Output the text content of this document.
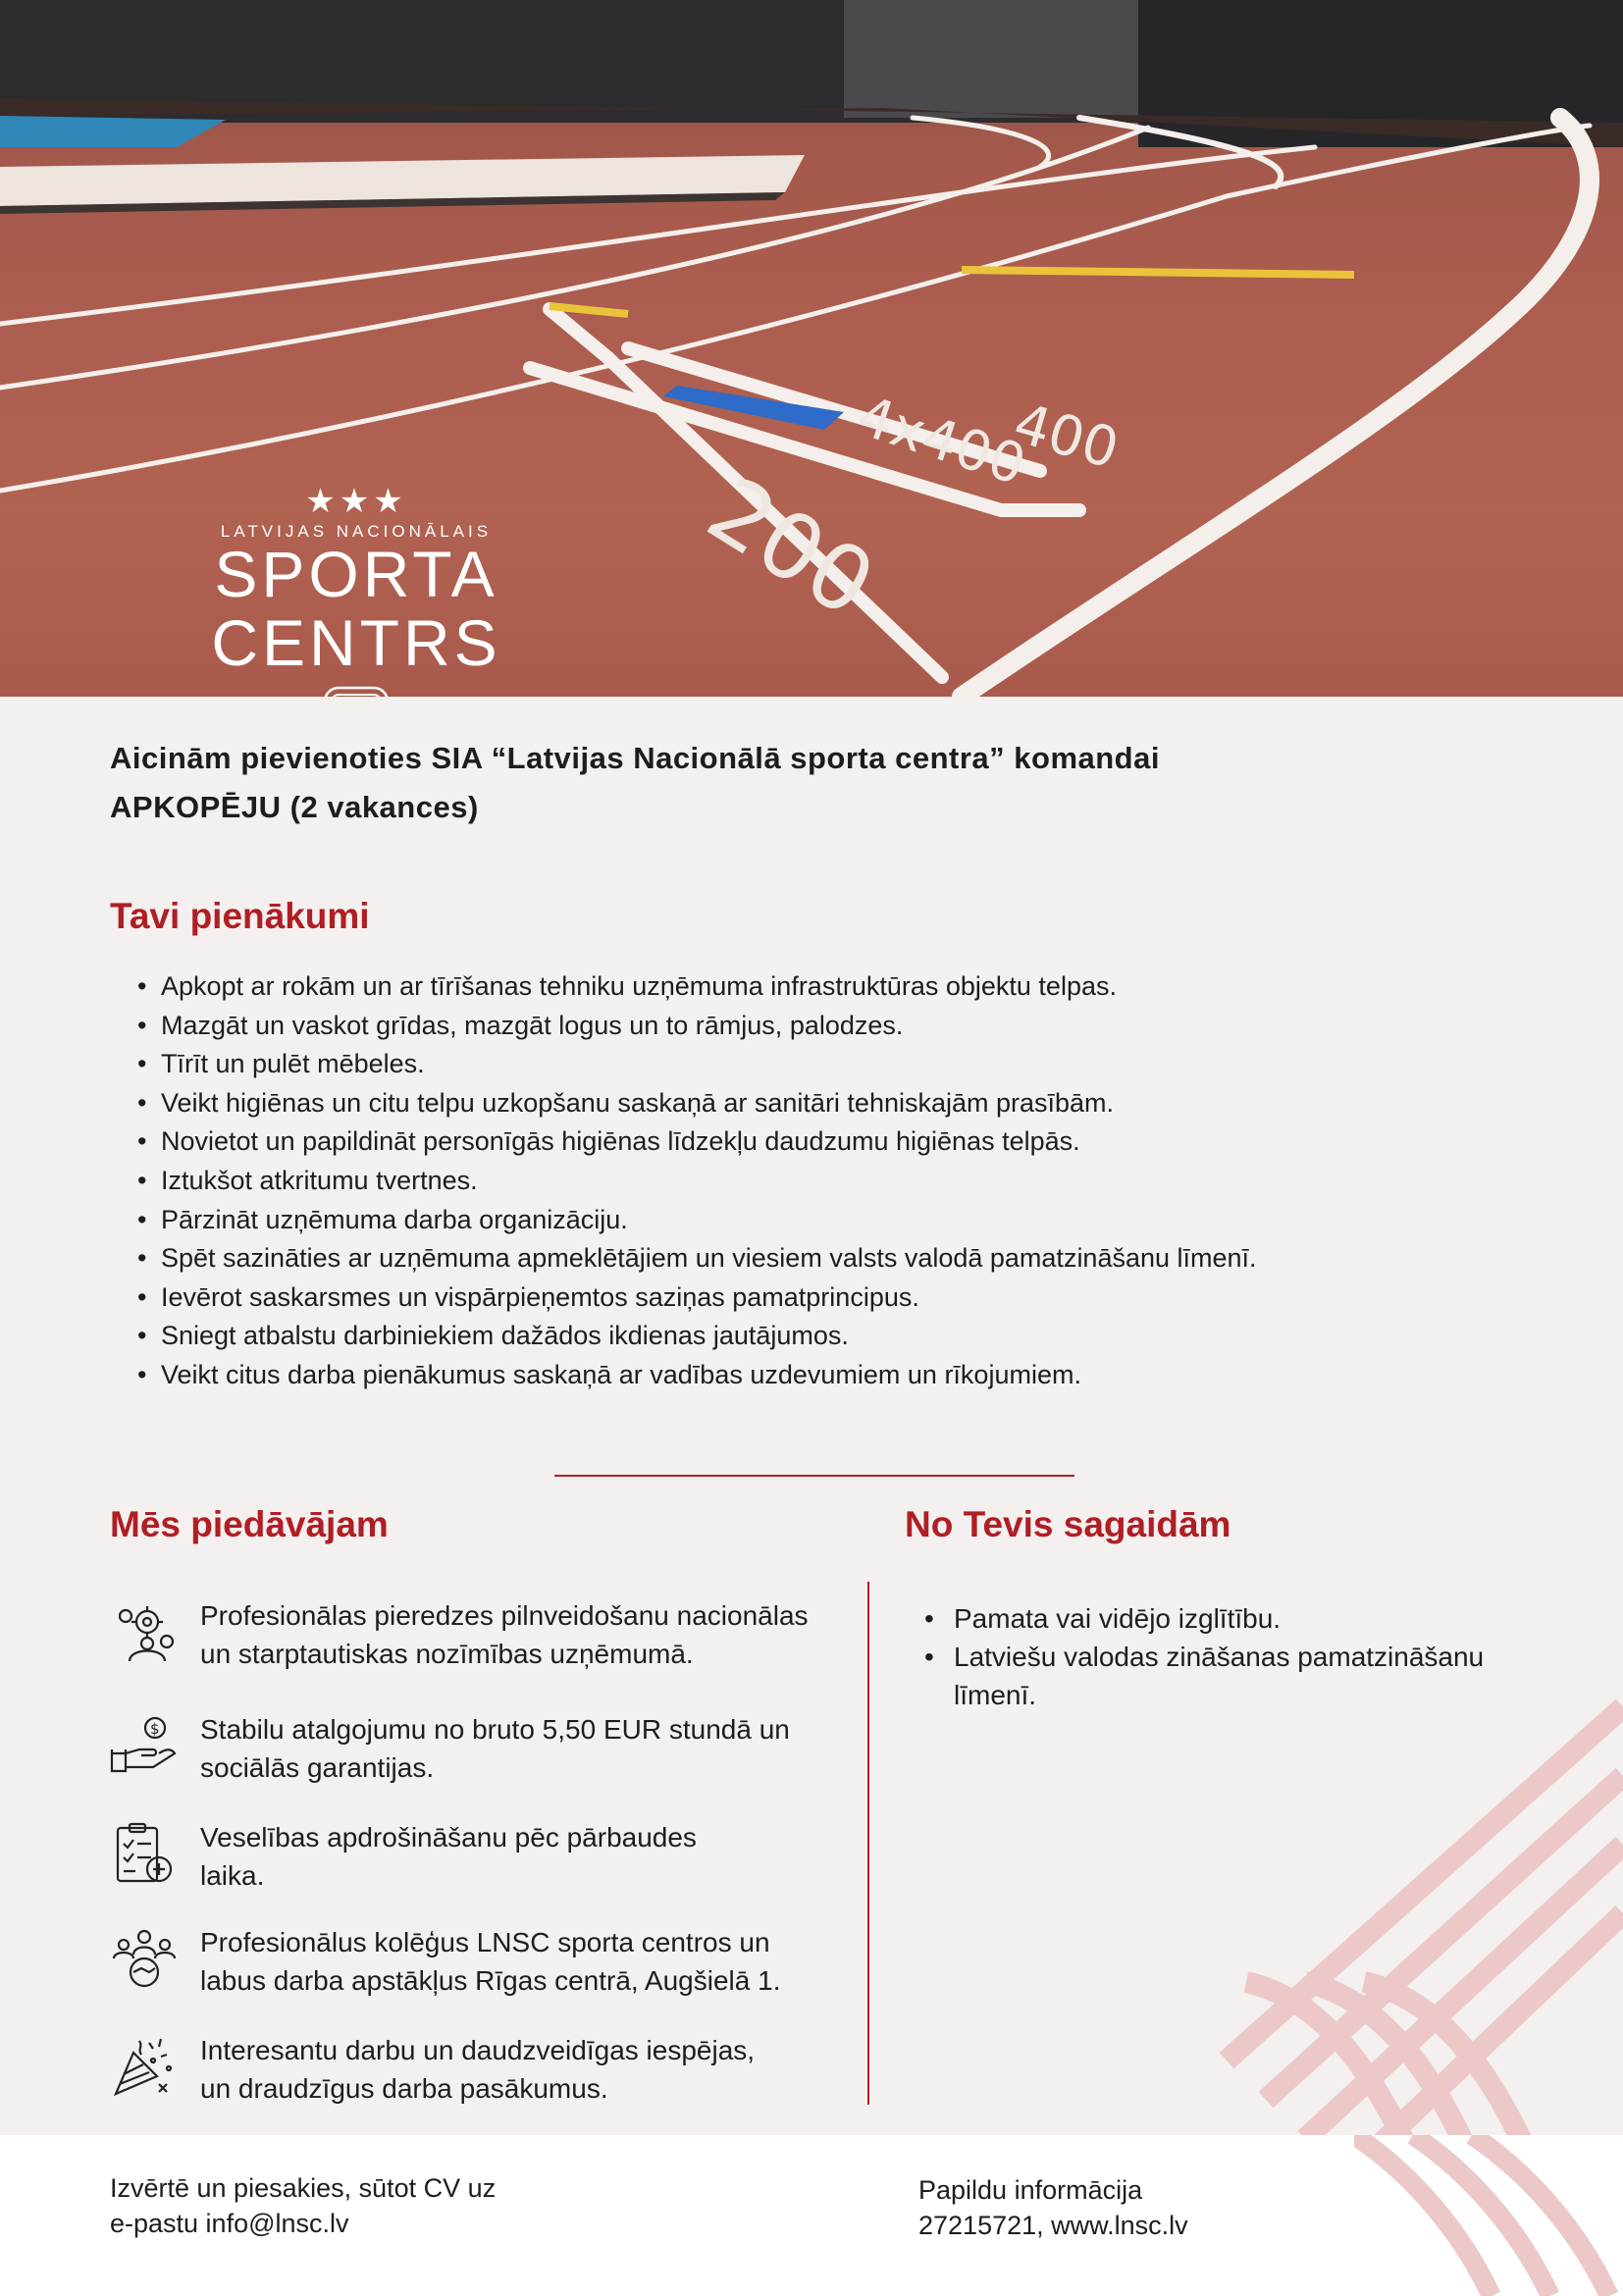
200
400
4x400
★★★
LATVIJAS NACIONĀLAIS
SPORTA CENTRS
Aicinām pievienoties SIA “Latvijas Nacionālā sporta centra” komandai
APKOPĒJU (2 vakances)
Tavi pienākumi
• Apkopt ar rokām un ar tīrīšanas tehniku uzņēmuma infrastruktūras objektu telpas.
• Mazgāt un vaskot grīdas, mazgāt logus un to rāmjus, palodzes.
• Tīrīt un pulēt mēbeles.
• Veikt higiēnas un citu telpu uzkopšanu saskaņā ar sanitāri tehniskajām prasībām.
• Novietot un papildināt personīgās higiēnas līdzekļu daudzumu higiēnas telpās.
• Iztukšot atkritumu tvertnes.
• Pārzināt uzņēmuma darba organizāciju.
• Spēt sazināties ar uzņēmuma apmeklētājiem un viesiem valsts valodā pamatzināšanu līmenī.
• Ievērot saskarsmes un vispārpieņemtos saziņas pamatprincipus.
• Sniegt atbalstu darbiniekiem dažādos ikdienas jautājumos.
• Veikt citus darba pienākumus saskaņā ar vadības uzdevumiem un rīkojumiem.
Mēs piedāvājam
Profesionālas pieredzes pilnveidošanu nacionālas
un starptautiskas nozīmības uzņēmumā.
$ Stabilu atalgojumu no bruto 5,50 EUR stundā un
sociālās garantijas.
Veselības apdrošināšanu pēc pārbaudes
laika.
Profesionālus kolēģus LNSC sporta centros un
labus darba apstākļus Rīgas centrā, Augšielā 1.
Interesantu darbu un daudzveidīgas iespējas,
un draudzīgus darba pasākumus.
No Tevis sagaidām
• Pamata vai vidējo izglītību.
• Latviešu valodas zināšanas pamatzināšanu līmenī.
Izvērtē un piesakies, sūtot CV uz
e-pastu info@lnsc.lv
Papildu informācija
27215721, www.lnsc.lv
